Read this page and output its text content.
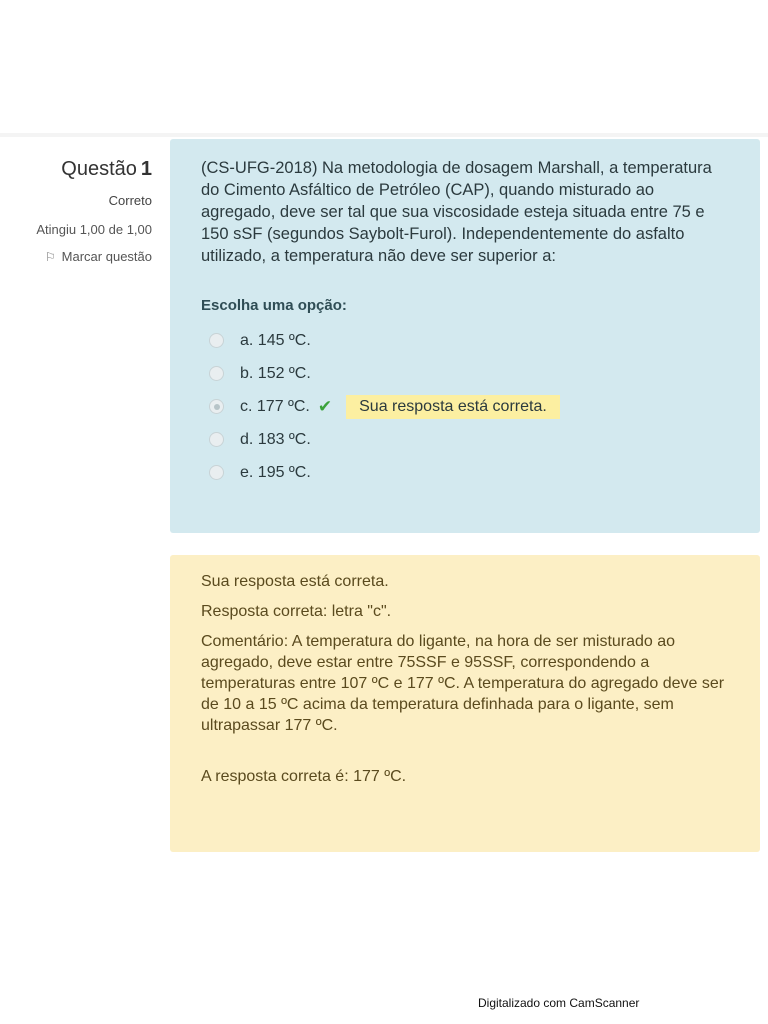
Questão 1
Correto
Atingiu 1,00 de 1,00
⚐ Marcar questão

(CS-UFG-2018) Na metodologia de dosagem Marshall, a temperatura do Cimento Asfáltico de Petróleo (CAP), quando misturado ao agregado, deve ser tal que sua viscosidade esteja situada entre 75 e 150 sSF (segundos Saybolt-Furol). Independentemente do asfalto utilizado, a temperatura não deve ser superior a:

Escolha uma opção:
a. 145 ºC.
b. 152 ºC.
c. 177 ºC. ✔	Sua resposta está correta.
d. 183 ºC.
e. 195 ºC.

Sua resposta está correta.

Resposta correta: letra "c".

Comentário: A temperatura do ligante, na hora de ser misturado ao agregado, deve estar entre 75SSF e 95SSF, correspondendo a temperaturas entre 107 ºC e 177 ºC. A temperatura do agregado deve ser de 10 a 15 ºC acima da temperatura definhada para o ligante, sem ultrapassar 177 ºC.

A resposta correta é: 177 ºC.

Digitalizado com CamScanner
